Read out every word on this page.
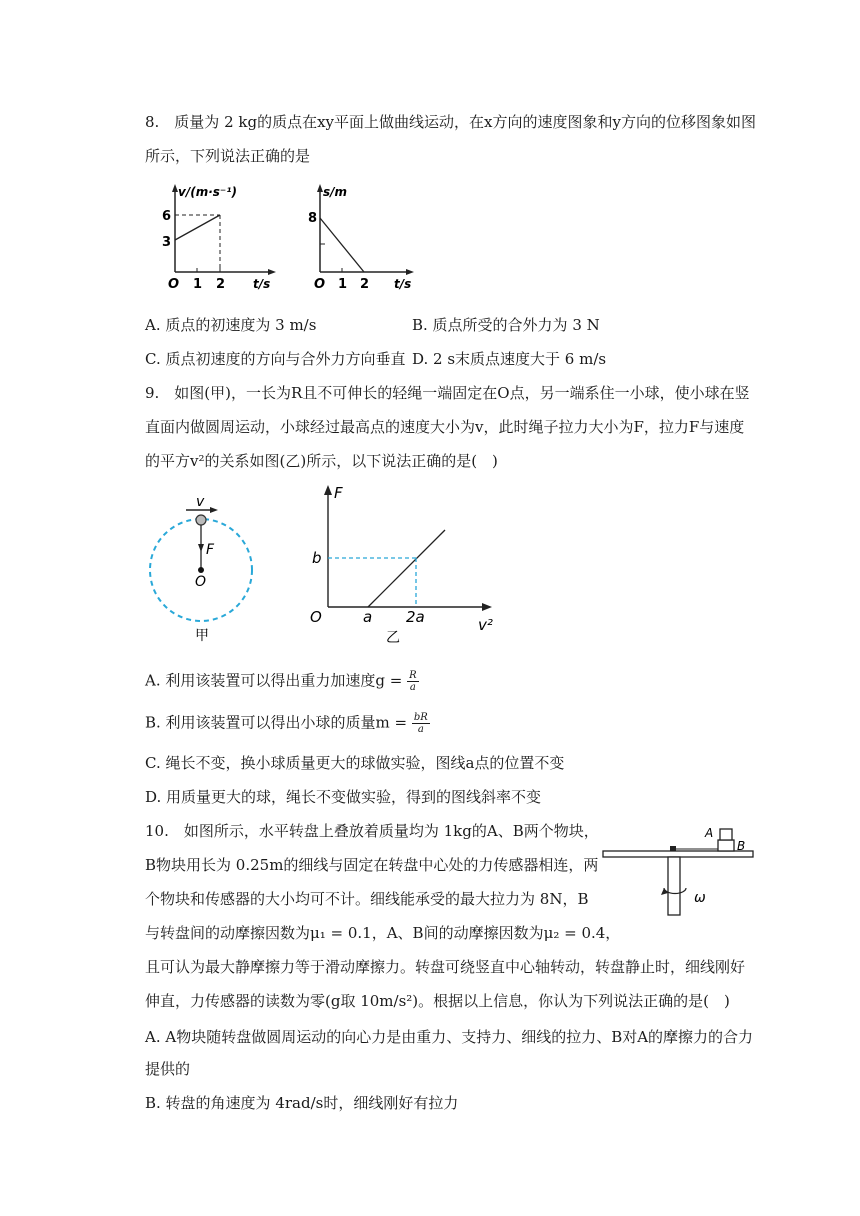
8.　质量为 2 kg的质点在xy平面上做曲线运动，在x方向的速度图象和y方向的位移图象如图
所示，下列说法正确的是
v/(m·s⁻¹)
6
3
O 1 2 t/s
s/m
8
O 1 2 t/s
A. 质点的初速度为 3 m/s	B. 质点所受的合外力为 3 N
C. 质点初速度的方向与合外力方向垂直 D. 2 s末质点速度大于 6 m/s
9.　如图(甲)，一长为R且不可伸长的轻绳一端固定在O点，另一端系住一小球，使小球在竖
直面内做圆周运动，小球经过最高点的速度大小为v，此时绳子拉力大小为F，拉力F与速度
的平方v²的关系如图(乙)所示，以下说法正确的是(　)
v
F
O
甲
F
b
O	a 2a	v²
乙
A. 利用该装置可以得出重力加速度$g = \frac{R}{a}$
B. 利用该装置可以得出小球的质量$m = \frac{bR}{a}$
C. 绳长不变，换小球质量更大的球做实验，图线a点的位置不变
D. 用质量更大的球，绳长不变做实验，得到的图线斜率不变
10.　如图所示，水平转盘上叠放着质量均为 1kg的A、B两个物块，
B物块用长为 0.25m的细线与固定在转盘中心处的力传感器相连，两
个物块和传感器的大小均可不计。细线能承受的最大拉力为 8N，B
与转盘间的动摩擦因数为μ₁ = 0.1，A、B间的动摩擦因数为μ₂ = 0.4，
且可认为最大静摩擦力等于滑动摩擦力。转盘可绕竖直中心轴转动，转盘静止时，细线刚好
伸直，力传感器的读数为零(g取 10m/s²)。根据以上信息，你认为下列说法正确的是(　)
A
B
ω
A. A物块随转盘做圆周运动的向心力是由重力、支持力、细线的拉力、B对A的摩擦力的合力
提供的
B. 转盘的角速度为 4rad/s时，细线刚好有拉力
